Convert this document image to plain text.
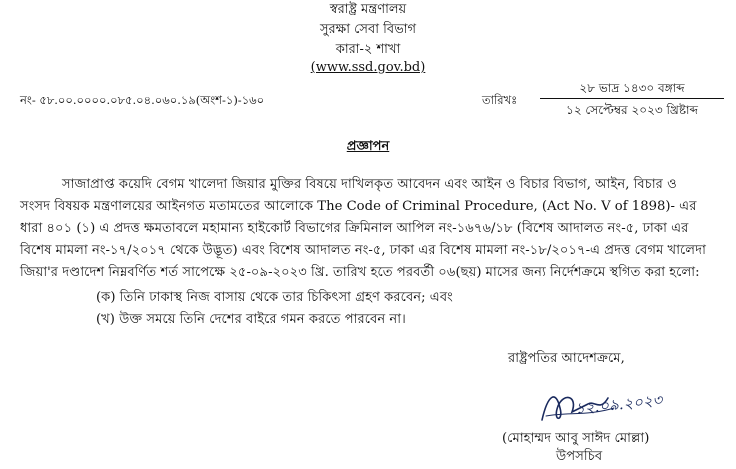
স্বরাষ্ট্র মন্ত্রণালয়
সুরক্ষা সেবা বিভাগ
কারা-২ শাখা
(www.ssd.gov.bd)
নং- ৫৮.০০.০০০০.০৮৫.০৪.০৬০.১৯(অংশ-১)-১৬০	তারিখঃ
২৮ ভাদ্র ১৪৩০ বঙ্গাব্দ
১২ সেপ্টেম্বর ২০২৩ খ্রিষ্টাব্দ
প্রজ্ঞাপন
সাজাপ্রাপ্ত কয়েদি বেগম খালেদা জিয়ার মুক্তির বিষয়ে দাখিলকৃত আবেদন এবং আইন ও বিচার বিভাগ, আইন, বিচার ও
সংসদ বিষয়ক মন্ত্রণালয়ের আইনগত মতামতের আলোকে The Code of Criminal Procedure, (Act No. V of 1898)- এর
ধারা ৪০১ (১) এ প্রদত্ত ক্ষমতাবলে মহামান্য হাইকোর্ট বিভাগের ক্রিমিনাল আপিল নং-১৬৭৬/১৮ (বিশেষ আদালত নং-৫, ঢাকা এর
বিশেষ মামলা নং-১৭/২০১৭ থেকে উদ্ভূত) এবং বিশেষ আদালত নং-৫, ঢাকা এর বিশেষ মামলা নং-১৮/২০১৭-এ প্রদত্ত বেগম খালেদা
জিয়া'র দণ্ডাদেশ নিম্নবর্ণিত শর্ত সাপেক্ষে ২৫-০৯-২০২৩ খ্রি. তারিখ হতে পরবর্তী ০৬(ছয়) মাসের জন্য নির্দেশক্রমে স্থগিত করা হলো:
(ক) তিনি ঢাকাস্থ নিজ বাসায় থেকে তার চিকিৎসা গ্রহণ করবেন; এবং
(খ) উক্ত সময়ে তিনি দেশের বাইরে গমন করতে পারবেন না।
রাষ্ট্রপতির আদেশক্রমে,
১২.০৯.২০২৩
(মোহাম্মদ আবু সাঈদ মোল্লা)
উপসচিব
